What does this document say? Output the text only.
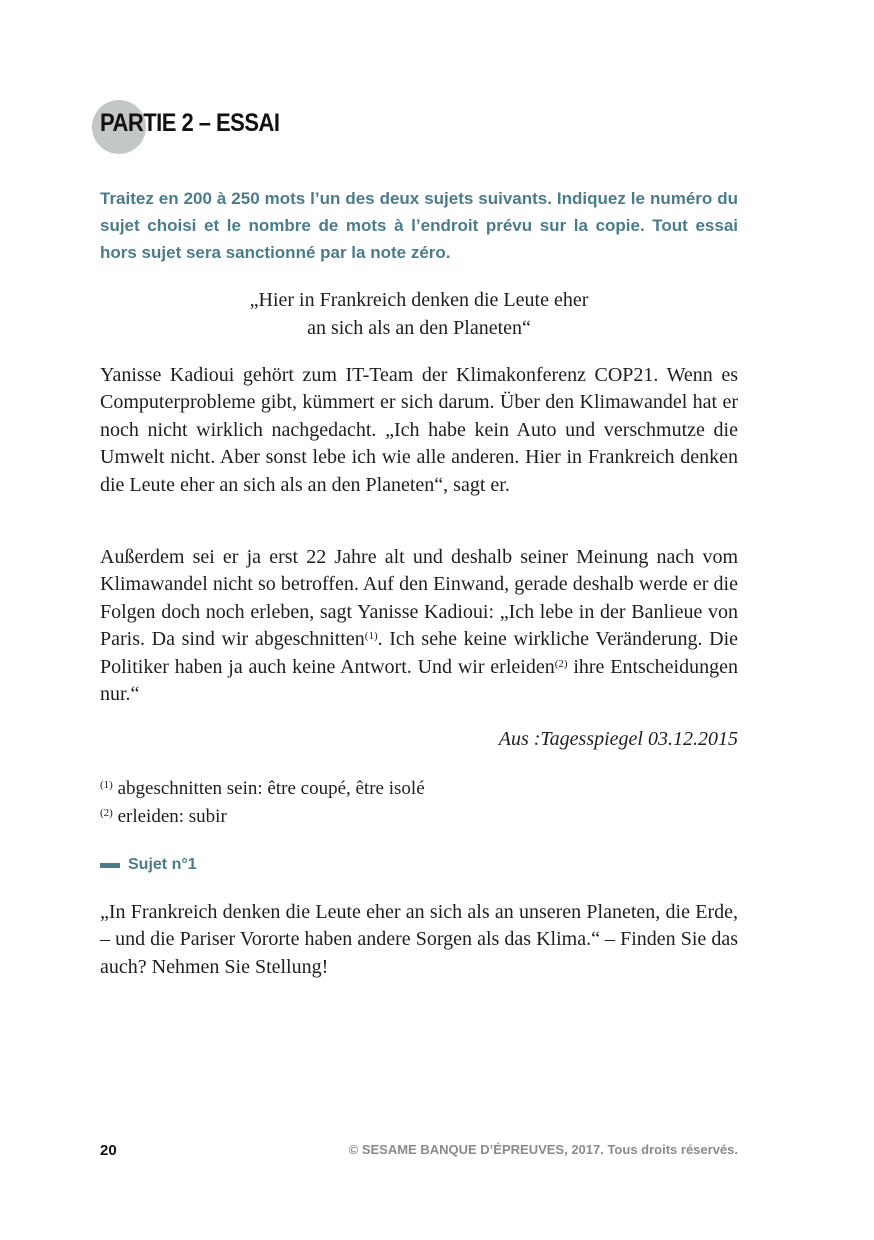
PARTIE 2 – ESSAI
Traitez en 200 à 250 mots l’un des deux sujets suivants. Indiquez le numéro du sujet choisi et le nombre de mots à l’endroit prévu sur la copie. Tout essai hors sujet sera sanctionné par la note zéro.
„Hier in Frankreich denken die Leute eher
an sich als an den Planeten“
Yanisse Kadioui gehört zum IT-Team der Klimakonferenz COP21. Wenn es Computerprobleme gibt, kümmert er sich darum. Über den Klimawandel hat er noch nicht wirklich nachgedacht. „Ich habe kein Auto und verschmutze die Umwelt nicht. Aber sonst lebe ich wie alle anderen. Hier in Frankreich denken die Leute eher an sich als an den Planeten“, sagt er.
Außerdem sei er ja erst 22 Jahre alt und deshalb seiner Meinung nach vom Klimawandel nicht so betroffen. Auf den Einwand, gerade deshalb werde er die Folgen doch noch erleben, sagt Yanisse Kadioui: „Ich lebe in der Banlieue von Paris. Da sind wir abgeschnitten$^{(1)}$. Ich sehe keine wirkliche Veränderung. Die Politiker haben ja auch keine Antwort. Und wir erleiden$^{(2)}$ ihre Entscheidungen nur.“
Aus :Tagesspiegel 03.12.2015
$^{(1)}$ abgeschnitten sein: être coupé, être isolé
$^{(2)}$ erleiden: subir
Sujet n°1
„In Frankreich denken die Leute eher an sich als an unseren Planeten, die Erde, – und die Pariser Vororte haben andere Sorgen als das Klima.“ – Finden Sie das auch? Nehmen Sie Stellung!
20	© SESAME BANQUE D’ÉPREUVES, 2017. Tous droits réservés.
